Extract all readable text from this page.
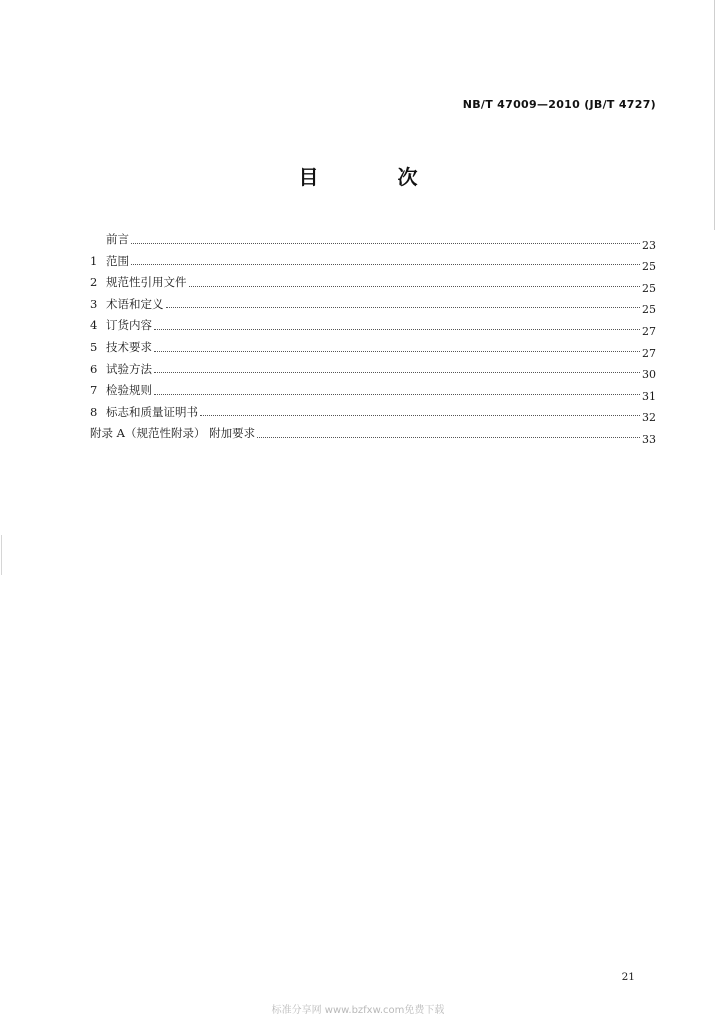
NB/T 47009—2010 (JB/T 4727)
目 次
前言	23
1 范围	25
2 规范性引用文件	25
3 术语和定义	25
4 订货内容	27
5 技术要求	27
6 试验方法	30
7 检验规则	31
8 标志和质量证明书	32
附录 A（规范性附录） 附加要求	33
21
标准分享网 www.bzfxw.com免费下载
